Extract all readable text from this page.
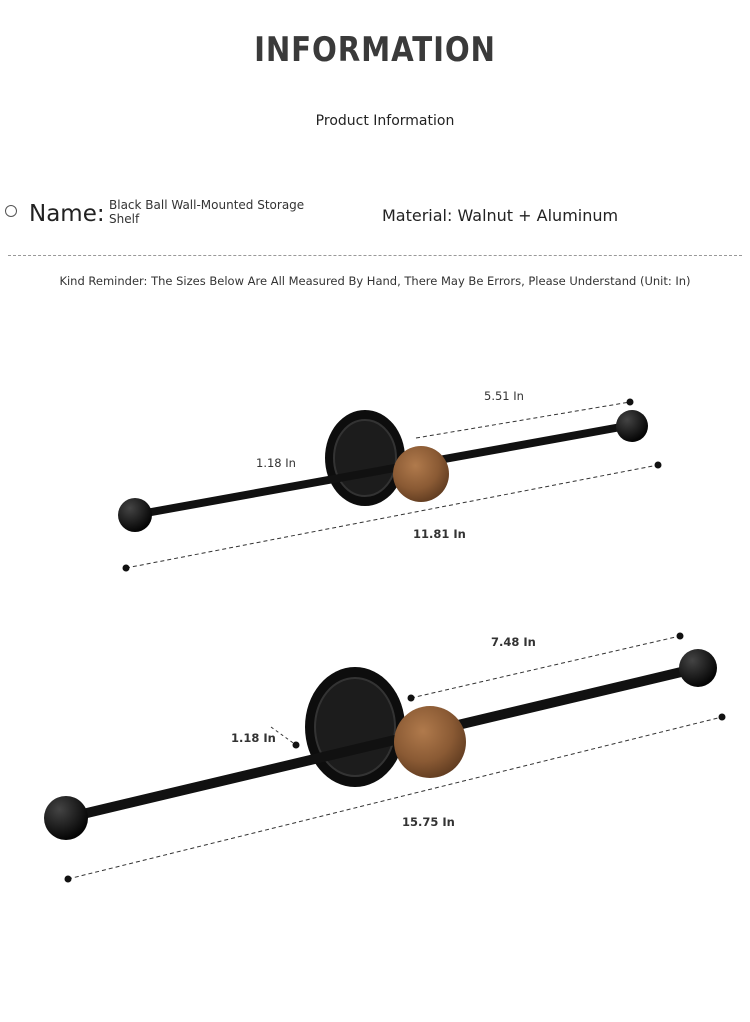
INFORMATION
Product Information
Name: Black Ball Wall-Mounted Storage Shelf	Material: Walnut + Aluminum
Kind Reminder: The Sizes Below Are All Measured By Hand, There May Be Errors, Please Understand (Unit: In)
5.51 In
1.18 In
11.81 In
7.48 In
1.18 In
15.75 In
